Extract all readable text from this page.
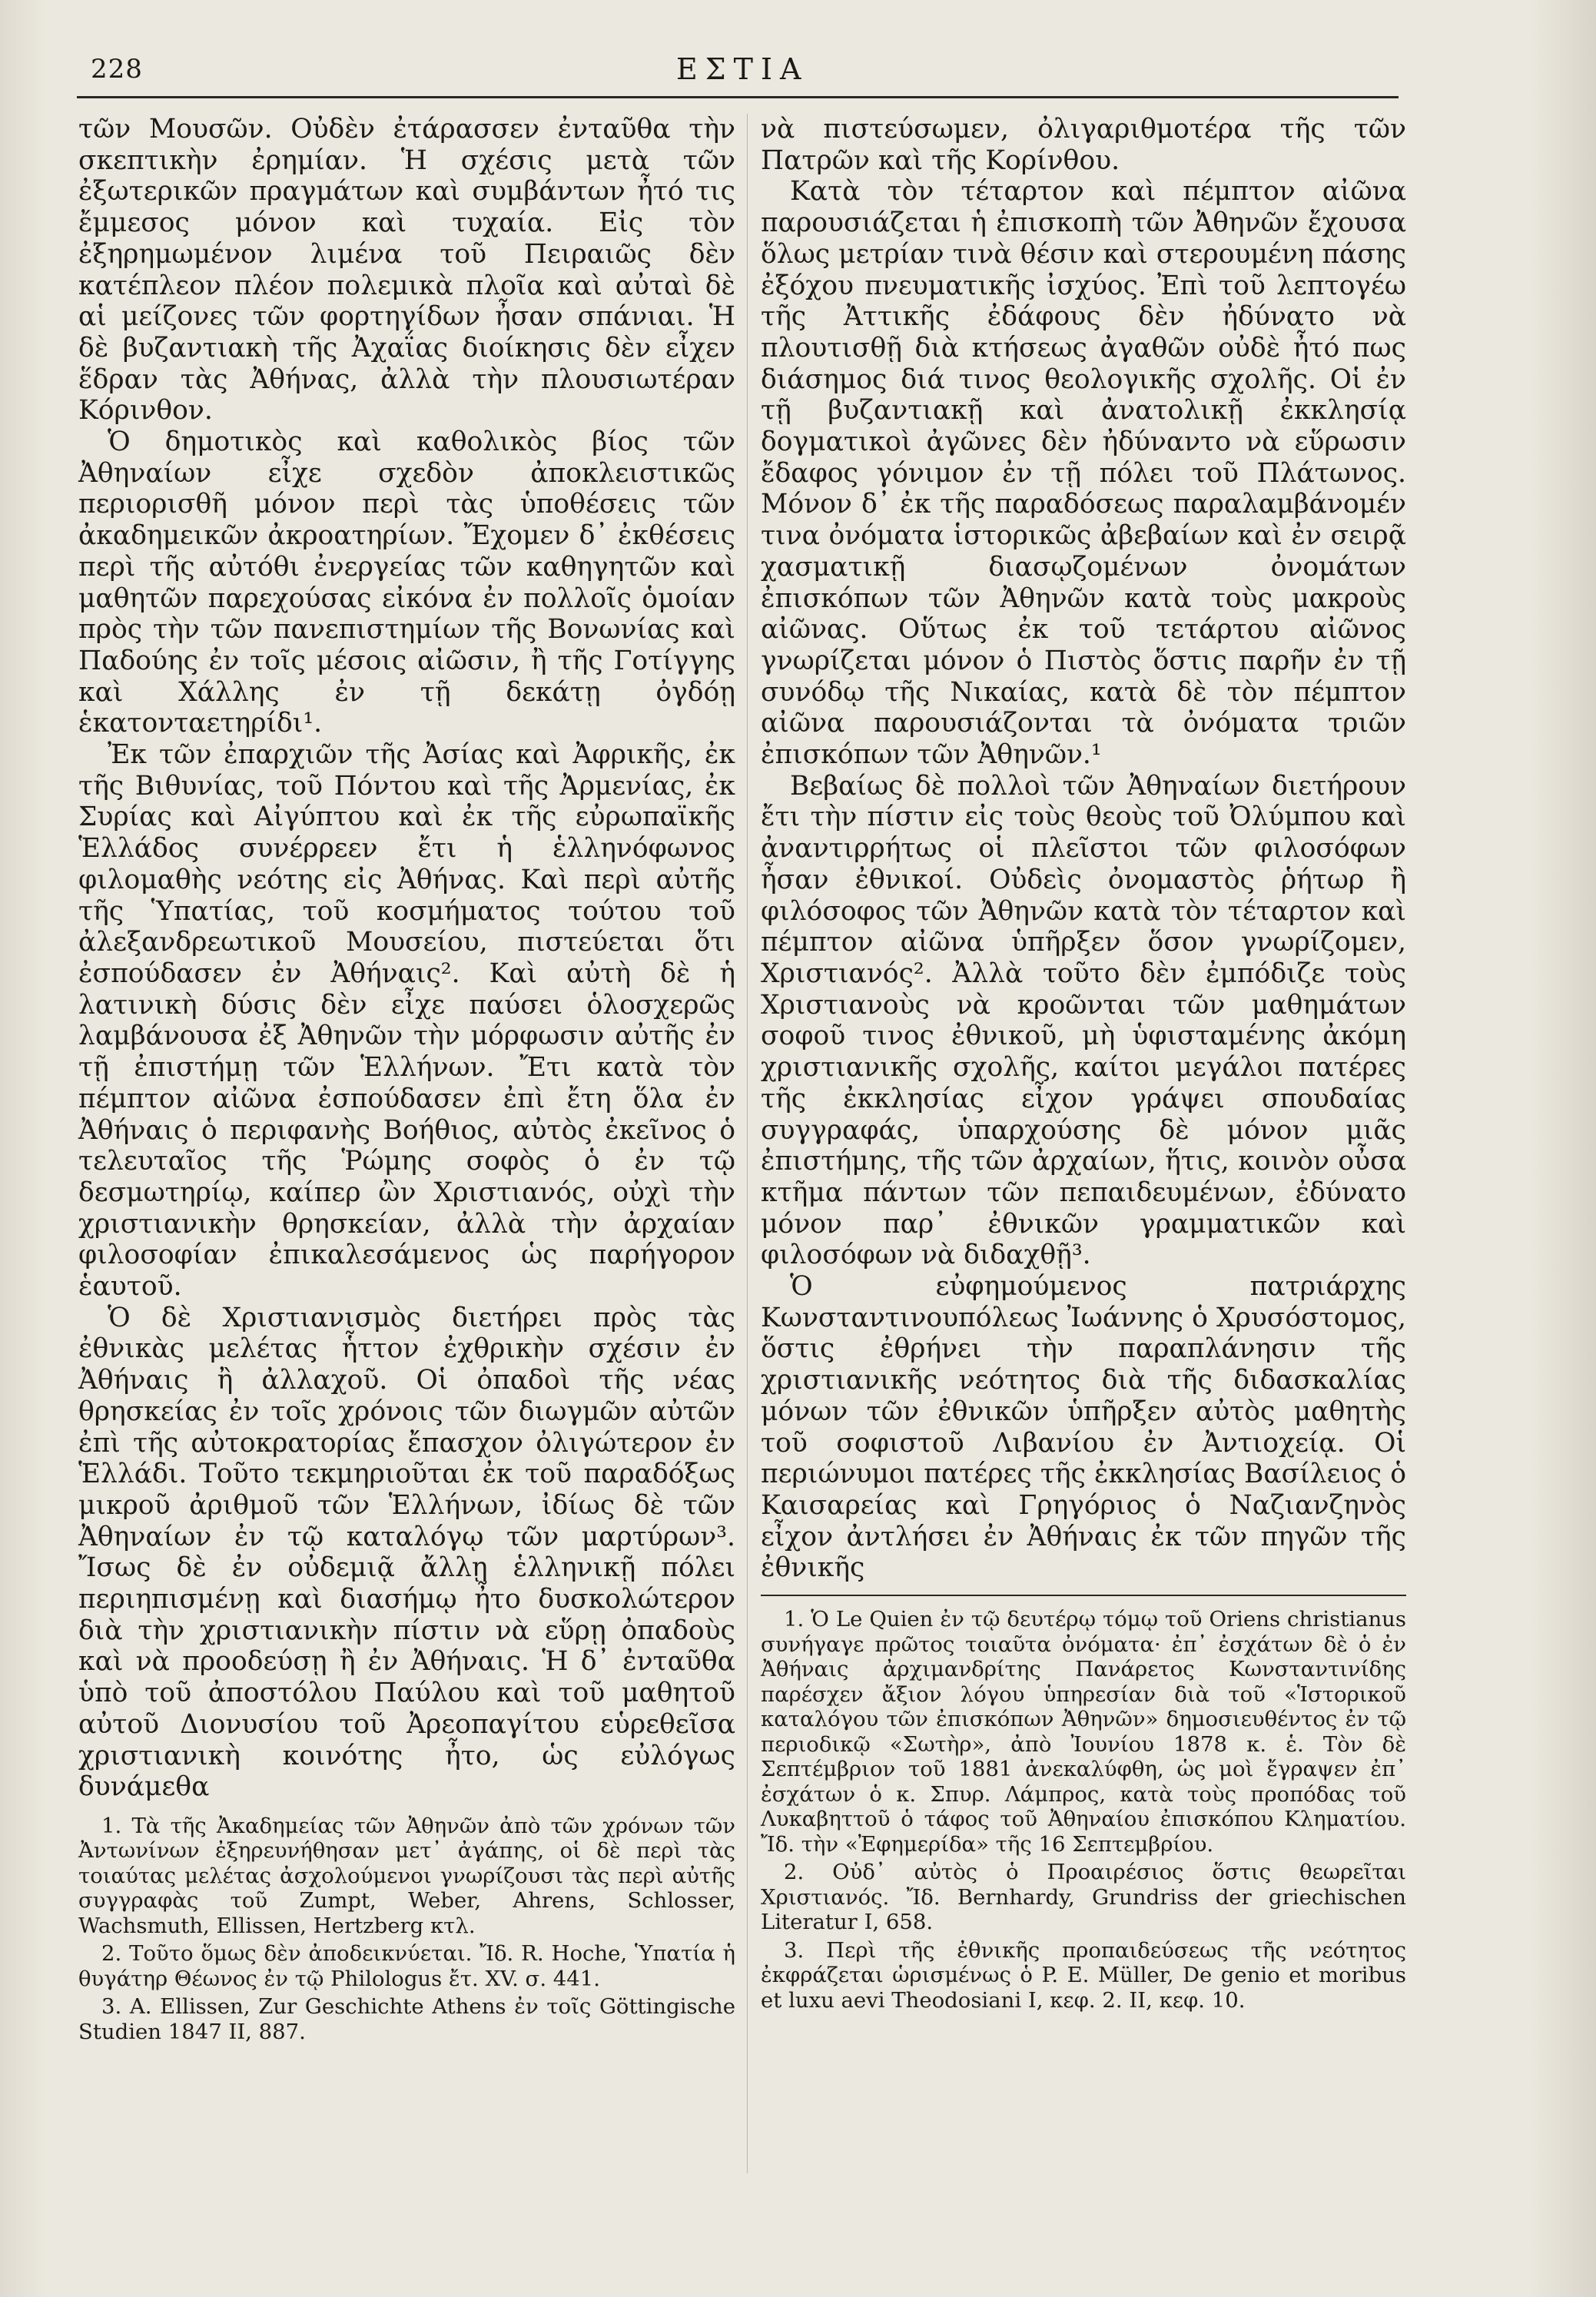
228	ΕΣΤΙΑ

τῶν Μουσῶν. Οὐδὲν ἐτάρασσεν ἐνταῦθα τὴν σκεπτικὴν ἐρημίαν. Ἡ σχέσις μετὰ τῶν ἐξωτερικῶν πραγμάτων καὶ συμβάντων ἦτό τις ἔμμεσος μόνον καὶ τυχαία. Εἰς τὸν ἐξηρημωμένον λιμένα τοῦ Πειραιῶς δὲν κατέπλεον πλέον πολεμικὰ πλοῖα καὶ αὐταὶ δὲ αἱ μείζονες τῶν φορτηγίδων ἦσαν σπάνιαι. Ἡ δὲ βυζαντιακὴ τῆς Ἀχαΐας διοίκησις δὲν εἶχεν ἕδραν τὰς Ἀθήνας, ἀλλὰ τὴν πλουσιωτέραν Κόρινθον.

Ὁ δημοτικὸς καὶ καθολικὸς βίος τῶν Ἀθηναίων εἶχε σχεδὸν ἀποκλειστικῶς περιορισθῆ μόνον περὶ τὰς ὑποθέσεις τῶν ἀκαδημεικῶν ἀκροατηρίων. Ἔχομεν δ᾽ ἐκθέσεις περὶ τῆς αὐτόθι ἐνεργείας τῶν καθηγητῶν καὶ μαθητῶν παρεχούσας εἰκόνα ἐν πολλοῖς ὁμοίαν πρὸς τὴν τῶν πανεπιστημίων τῆς Βονωνίας καὶ Παδούης ἐν τοῖς μέσοις αἰῶσιν, ἢ τῆς Γοτίγγης καὶ Χάλλης ἐν τῇ δεκάτῃ ὀγδόῃ ἑκατονταετηρίδι¹.

Ἐκ τῶν ἐπαρχιῶν τῆς Ἀσίας καὶ Ἀφρικῆς, ἐκ τῆς Βιθυνίας, τοῦ Πόντου καὶ τῆς Ἀρμενίας, ἐκ Συρίας καὶ Αἰγύπτου καὶ ἐκ τῆς εὐρωπαϊκῆς Ἑλλάδος συνέρρεεν ἔτι ἡ ἑλληνόφωνος φιλομαθὴς νεότης εἰς Ἀθήνας. Καὶ περὶ αὐτῆς τῆς Ὑπατίας, τοῦ κοσμήματος τούτου τοῦ ἀλεξανδρεωτικοῦ Μουσείου, πιστεύεται ὅτι ἐσπούδασεν ἐν Ἀθήναις². Καὶ αὐτὴ δὲ ἡ λατινικὴ δύσις δὲν εἶχε παύσει ὁλοσχερῶς λαμβάνουσα ἐξ Ἀθηνῶν τὴν μόρφωσιν αὐτῆς ἐν τῇ ἐπιστήμῃ τῶν Ἑλλήνων. Ἔτι κατὰ τὸν πέμπτον αἰῶνα ἐσπούδασεν ἐπὶ ἔτη ὅλα ἐν Ἀθήναις ὁ περιφανὴς Βοήθιος, αὐτὸς ἐκεῖνος ὁ τελευταῖος τῆς Ῥώμης σοφὸς ὁ ἐν τῷ δεσμωτηρίῳ, καίπερ ὢν Χριστιανός, οὐχὶ τὴν χριστιανικὴν θρησκείαν, ἀλλὰ τὴν ἀρχαίαν φιλοσοφίαν ἐπικαλεσάμενος ὡς παρήγορον ἑαυτοῦ.

Ὁ δὲ Χριστιανισμὸς διετήρει πρὸς τὰς ἐθνικὰς μελέτας ἧττον ἐχθρικὴν σχέσιν ἐν Ἀθήναις ἢ ἀλλαχοῦ. Οἱ ὀπαδοὶ τῆς νέας θρησκείας ἐν τοῖς χρόνοις τῶν διωγμῶν αὐτῶν ἐπὶ τῆς αὐτοκρατορίας ἔπασχον ὀλιγώτερον ἐν Ἑλλάδι. Τοῦτο τεκμηριοῦται ἐκ τοῦ παραδόξως μικροῦ ἀριθμοῦ τῶν Ἑλλήνων, ἰδίως δὲ τῶν Ἀθηναίων ἐν τῷ καταλόγῳ τῶν μαρτύρων³. Ἴσως δὲ ἐν οὐδεμιᾷ ἄλλῃ ἑλληνικῇ πόλει περιηπισμένῃ καὶ διασήμῳ ἦτο δυσκολώτερον διὰ τὴν χριστιανικὴν πίστιν νὰ εὕρῃ ὀπαδοὺς καὶ νὰ προοδεύσῃ ἢ ἐν Ἀθήναις. Ἡ δ᾽ ἐνταῦθα ὑπὸ τοῦ ἀποστόλου Παύλου καὶ τοῦ μαθητοῦ αὐτοῦ Διονυσίου τοῦ Ἀρεοπαγίτου εὑρεθεῖσα χριστιανικὴ κοινότης ἦτο, ὡς εὐλόγως δυνάμεθα

1. Τὰ τῆς Ἀκαδημείας τῶν Ἀθηνῶν ἀπὸ τῶν χρόνων τῶν Ἀντωνίνων ἐξηρευνήθησαν μετ᾽ ἀγάπης, οἱ δὲ περὶ τὰς τοιαύτας μελέτας ἀσχολούμενοι γνωρίζουσι τὰς περὶ αὐτῆς συγγραφὰς τοῦ Zumpt, Weber, Ahrens, Schlosser, Wachsmuth, Ellissen, Hertzberg κτλ.

2. Τοῦτο ὅμως δὲν ἀποδεικνύεται. Ἴδ. R. Hoche, Ὑπατία ἡ θυγάτηρ Θέωνος ἐν τῷ Philologus ἔτ. XV. σ. 441.

3. A. Ellissen, Zur Geschichte Athens ἐν τοῖς Göttingische Studien 1847 II, 887.

νὰ πιστεύσωμεν, ὀλιγαριθμοτέρα τῆς τῶν Πατρῶν καὶ τῆς Κορίνθου.

Κατὰ τὸν τέταρτον καὶ πέμπτον αἰῶνα παρουσιάζεται ἡ ἐπισκοπὴ τῶν Ἀθηνῶν ἔχουσα ὅλως μετρίαν τινὰ θέσιν καὶ στερουμένη πάσης ἐξόχου πνευματικῆς ἰσχύος. Ἐπὶ τοῦ λεπτογέω τῆς Ἀττικῆς ἐδάφους δὲν ἠδύνατο νὰ πλουτισθῇ διὰ κτήσεως ἀγαθῶν οὐδὲ ἦτό πως διάσημος διά τινος θεολογικῆς σχολῆς. Οἱ ἐν τῇ βυζαντιακῇ καὶ ἀνατολικῇ ἐκκλησίᾳ δογματικοὶ ἀγῶνες δὲν ἠδύναντο νὰ εὕρωσιν ἔδαφος γόνιμον ἐν τῇ πόλει τοῦ Πλάτωνος. Μόνον δ᾽ ἐκ τῆς παραδόσεως παραλαμβάνομέν τινα ὀνόματα ἱστορικῶς ἀβεβαίων καὶ ἐν σειρᾷ χασματικῇ διασῳζομένων ὀνομάτων ἐπισκόπων τῶν Ἀθηνῶν κατὰ τοὺς μακροὺς αἰῶνας. Οὕτως ἐκ τοῦ τετάρτου αἰῶνος γνωρίζεται μόνον ὁ Πιστὸς ὅστις παρῆν ἐν τῇ συνόδῳ τῆς Νικαίας, κατὰ δὲ τὸν πέμπτον αἰῶνα παρουσιάζονται τὰ ὀνόματα τριῶν ἐπισκόπων τῶν Ἀθηνῶν.¹

Βεβαίως δὲ πολλοὶ τῶν Ἀθηναίων διετήρουν ἔτι τὴν πίστιν εἰς τοὺς θεοὺς τοῦ Ὀλύμπου καὶ ἀναντιρρήτως οἱ πλεῖστοι τῶν φιλοσόφων ἦσαν ἐθνικοί. Οὐδεὶς ὀνομαστὸς ῥήτωρ ἢ φιλόσοφος τῶν Ἀθηνῶν κατὰ τὸν τέταρτον καὶ πέμπτον αἰῶνα ὑπῆρξεν ὅσον γνωρίζομεν, Χριστιανός². Ἀλλὰ τοῦτο δὲν ἐμπόδιζε τοὺς Χριστιανοὺς νὰ κροῶνται τῶν μαθημάτων σοφοῦ τινος ἐθνικοῦ, μὴ ὑφισταμένης ἀκόμη χριστιανικῆς σχολῆς, καίτοι μεγάλοι πατέρες τῆς ἐκκλησίας εἶχον γράψει σπουδαίας συγγραφάς, ὑπαρχούσης δὲ μόνον μιᾶς ἐπιστήμης, τῆς τῶν ἀρχαίων, ἥτις, κοινὸν οὖσα κτῆμα πάντων τῶν πεπαιδευμένων, ἐδύνατο μόνον παρ᾽ ἐθνικῶν γραμματικῶν καὶ φιλοσόφων νὰ διδαχθῇ³.

Ὁ εὐφημούμενος πατριάρχης Κωνσταντινουπόλεως Ἰωάννης ὁ Χρυσόστομος, ὅστις ἐθρήνει τὴν παραπλάνησιν τῆς χριστιανικῆς νεότητος διὰ τῆς διδασκαλίας μόνων τῶν ἐθνικῶν ὑπῆρξεν αὐτὸς μαθητὴς τοῦ σοφιστοῦ Λιβανίου ἐν Ἀντιοχείᾳ. Οἱ περιώνυμοι πατέρες τῆς ἐκκλησίας Βασίλειος ὁ Καισαρείας καὶ Γρηγόριος ὁ Ναζιανζηνὸς εἶχον ἀντλήσει ἐν Ἀθήναις ἐκ τῶν πηγῶν τῆς ἐθνικῆς

1. Ὁ Le Quien ἐν τῷ δευτέρῳ τόμῳ τοῦ Oriens christianus συνήγαγε πρῶτος τοιαῦτα ὀνόματα· ἐπ᾽ ἐσχάτων δὲ ὁ ἐν Ἀθήναις ἀρχιμανδρίτης Πανάρετος Κωνσταντινίδης παρέσχεν ἄξιον λόγου ὑπηρεσίαν διὰ τοῦ «Ἱστορικοῦ καταλόγου τῶν ἐπισκόπων Ἀθηνῶν» δημοσιευθέντος ἐν τῷ περιοδικῷ «Σωτὴρ», ἀπὸ Ἰουνίου 1878 κ. ἑ. Τὸν δὲ Σεπτέμβριον τοῦ 1881 ἀνεκαλύφθη, ὡς μοὶ ἔγραψεν ἐπ᾽ ἐσχάτων ὁ κ. Σπυρ. Λάμπρος, κατὰ τοὺς προπόδας τοῦ Λυκαβηττοῦ ὁ τάφος τοῦ Ἀθηναίου ἐπισκόπου Κληματίου. Ἴδ. τὴν «Ἐφημερίδα» τῆς 16 Σεπτεμβρίου.

2. Οὐδ᾽ αὐτὸς ὁ Προαιρέσιος ὅστις θεωρεῖται Χριστιανός. Ἴδ. Bernhardy, Grundriss der griechischen Literatur I, 658.

3. Περὶ τῆς ἐθνικῆς προπαιδεύσεως τῆς νεότητος ἐκφράζεται ὡρισμένως ὁ P. E. Müller, De genio et moribus et luxu aevi Theodosiani I, κεφ. 2. II, κεφ. 10.
